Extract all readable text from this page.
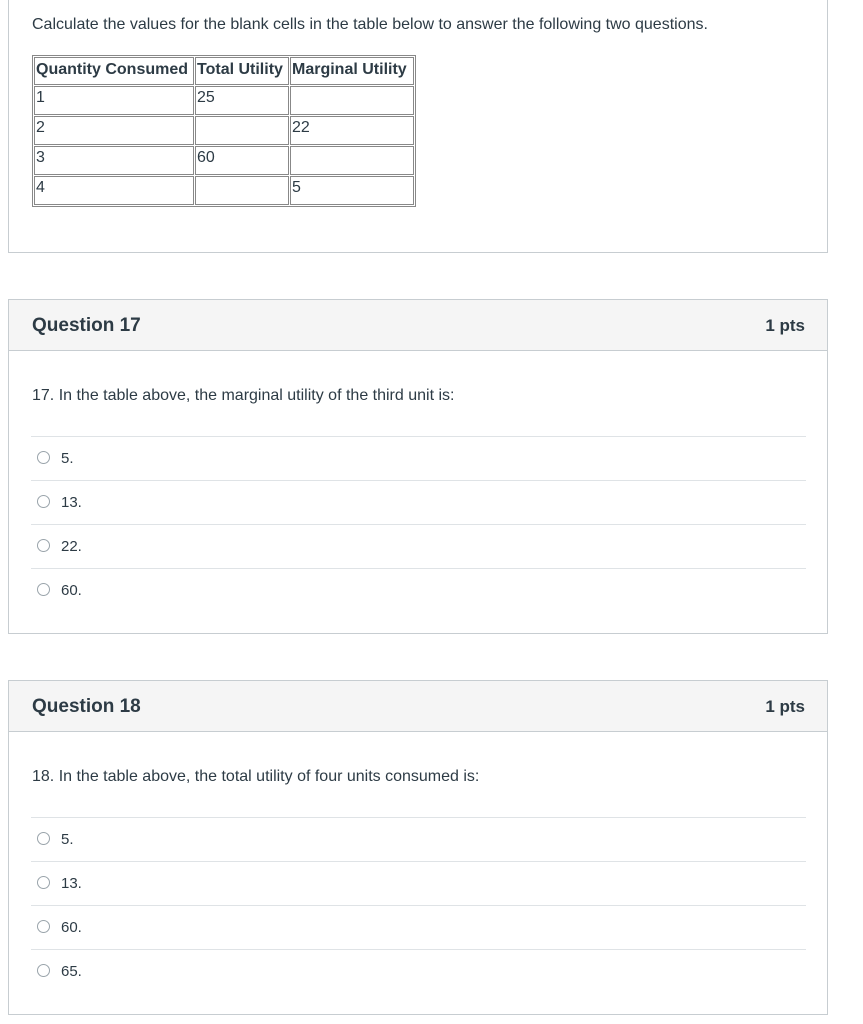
Calculate the values for the blank cells in the table below to answer the following two questions.
Quantity Consumed	Total Utility	Marginal Utility
1	25	
2		22
3	60	
4		5
Question 17	1 pts
17. In the table above, the marginal utility of the third unit is:
5.
13.
22.
60.
Question 18	1 pts
18. In the table above, the total utility of four units consumed is:
5.
13.
60.
65.
